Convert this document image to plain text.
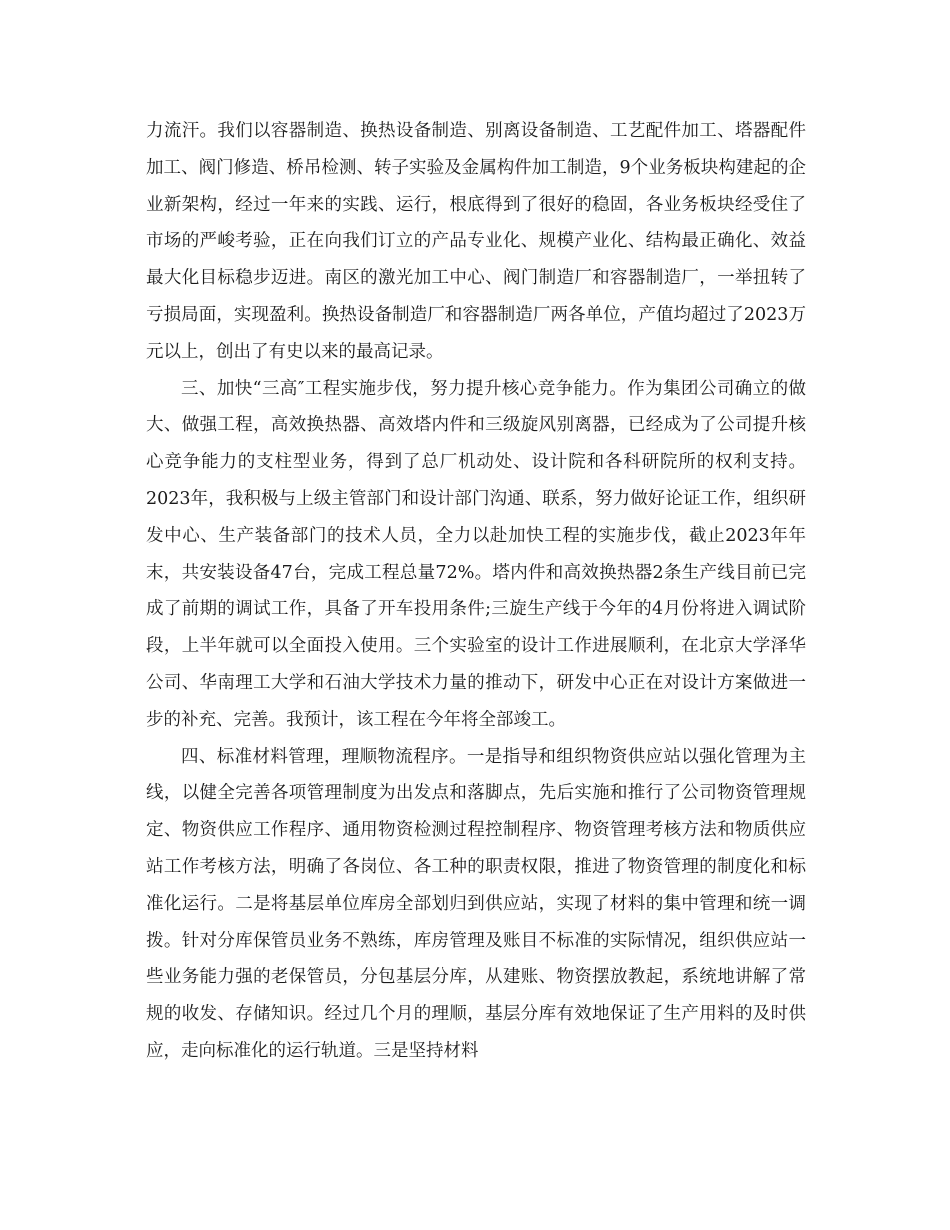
力流汗。我们以容器制造、换热设备制造、别离设备制造、工艺配件加工、塔器配件加工、阀门修造、桥吊检测、转子实验及金属构件加工制造，9个业务板块构建起的企业新架构，经过一年来的实践、运行，根底得到了很好的稳固，各业务板块经受住了市场的严峻考验，正在向我们订立的产品专业化、规模产业化、结构最正确化、效益最大化目标稳步迈进。南区的激光加工中心、阀门制造厂和容器制造厂，一举扭转了亏损局面，实现盈利。换热设备制造厂和容器制造厂两各单位，产值均超过了2023万元以上，创出了有史以来的最高记录。

三、加快“三高″工程实施步伐，努力提升核心竞争能力。作为集团公司确立的做大、做强工程，高效换热器、高效塔内件和三级旋风别离器，已经成为了公司提升核心竞争能力的支柱型业务，得到了总厂机动处、设计院和各科研院所的权利支持。2023年，我积极与上级主管部门和设计部门沟通、联系，努力做好论证工作，组织研发中心、生产装备部门的技术人员，全力以赴加快工程的实施步伐，截止2023年年末，共安装设备47台，完成工程总量72%。塔内件和高效换热器2条生产线目前已完成了前期的调试工作，具备了开车投用条件;三旋生产线于今年的4月份将进入调试阶段，上半年就可以全面投入使用。三个实验室的设计工作进展顺利，在北京大学泽华公司、华南理工大学和石油大学技术力量的推动下，研发中心正在对设计方案做进一步的补充、完善。我预计，该工程在今年将全部竣工。

四、标准材料管理，理顺物流程序。一是指导和组织物资供应站以强化管理为主线，以健全完善各项管理制度为出发点和落脚点，先后实施和推行了公司物资管理规定、物资供应工作程序、通用物资检测过程控制程序、物资管理考核方法和物质供应站工作考核方法，明确了各岗位、各工种的职责权限，推进了物资管理的制度化和标准化运行。二是将基层单位库房全部划归到供应站，实现了材料的集中管理和统一调拨。针对分库保管员业务不熟练，库房管理及账目不标准的实际情况，组织供应站一些业务能力强的老保管员，分包基层分库，从建账、物资摆放教起，系统地讲解了常规的收发、存储知识。经过几个月的理顺，基层分库有效地保证了生产用料的及时供应，走向标准化的运行轨道。三是坚持材料
